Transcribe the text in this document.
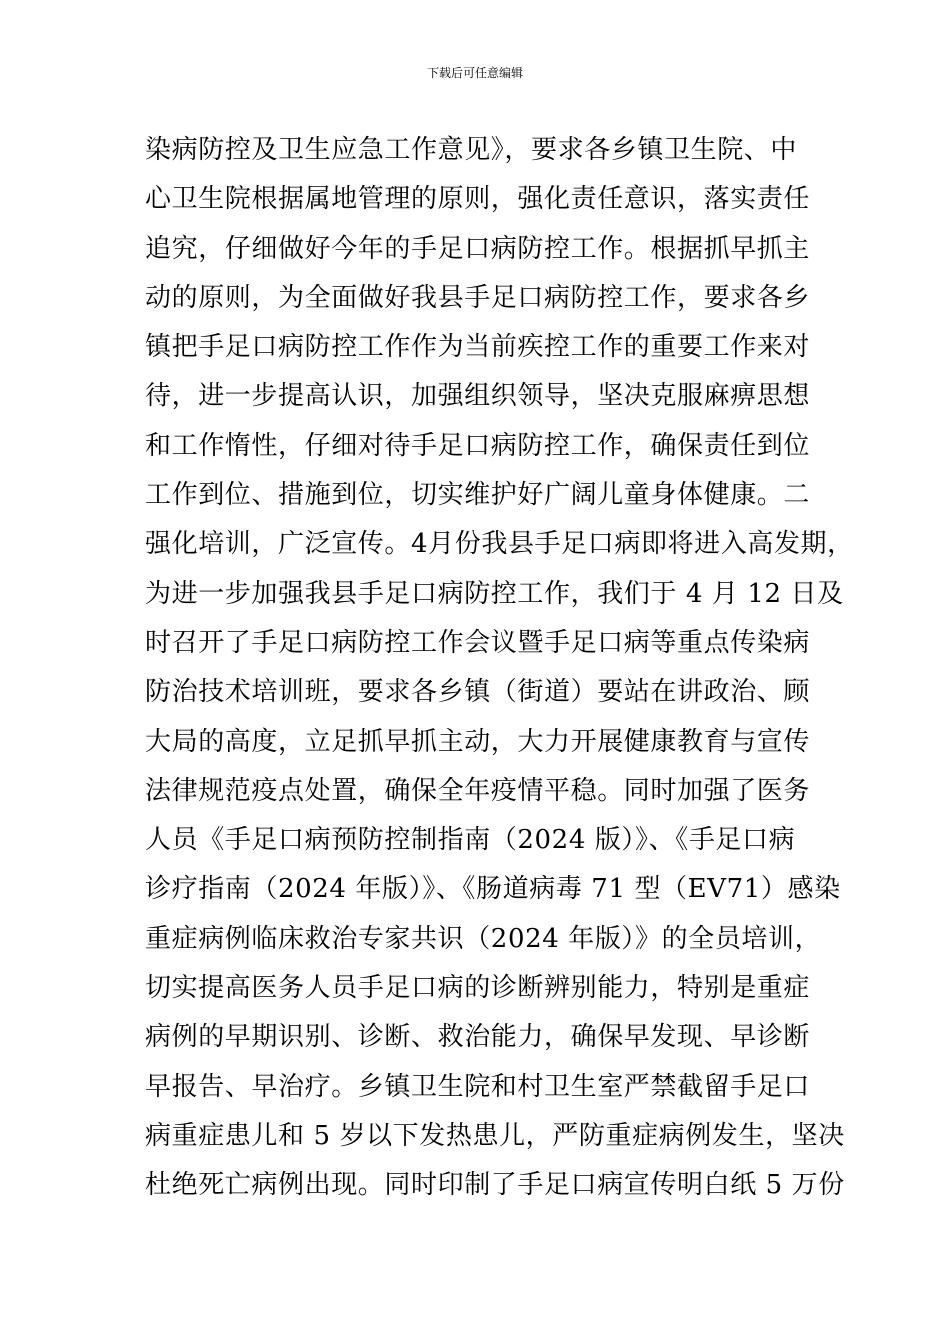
下载后可任意编辑
染病防控及卫生应急工作意见》，要求各乡镇卫生院、中
心卫生院根据属地管理的原则，强化责任意识，落实责任
追究，仔细做好今年的手足口病防控工作。根据抓早抓主
动的原则，为全面做好我县手足口病防控工作，要求各乡
镇把手足口病防控工作作为当前疾控工作的重要工作来对
待，进一步提高认识，加强组织领导，坚决克服麻痹思想
和工作惰性，仔细对待手足口病防控工作，确保责任到位
工作到位、措施到位，切实维护好广阔儿童身体健康。二
强化培训，广泛宣传。4月份我县手足口病即将进入高发期，
为进一步加强我县手足口病防控工作，我们于 4 月 12 日及
时召开了手足口病防控工作会议暨手足口病等重点传染病
防治技术培训班，要求各乡镇（街道）要站在讲政治、顾
大局的高度，立足抓早抓主动，大力开展健康教育与宣传
法律规范疫点处置，确保全年疫情平稳。同时加强了医务
人员《手足口病预防控制指南（2024 版）》、《手足口病
诊疗指南（2024 年版）》、《肠道病毒 71 型（EV71）感染
重症病例临床救治专家共识（2024 年版）》的全员培训，
切实提高医务人员手足口病的诊断辨别能力，特别是重症
病例的早期识别、诊断、救治能力，确保早发现、早诊断
早报告、早治疗。乡镇卫生院和村卫生室严禁截留手足口
病重症患儿和 5 岁以下发热患儿，严防重症病例发生，坚决
杜绝死亡病例出现。同时印制了手足口病宣传明白纸 5 万份
